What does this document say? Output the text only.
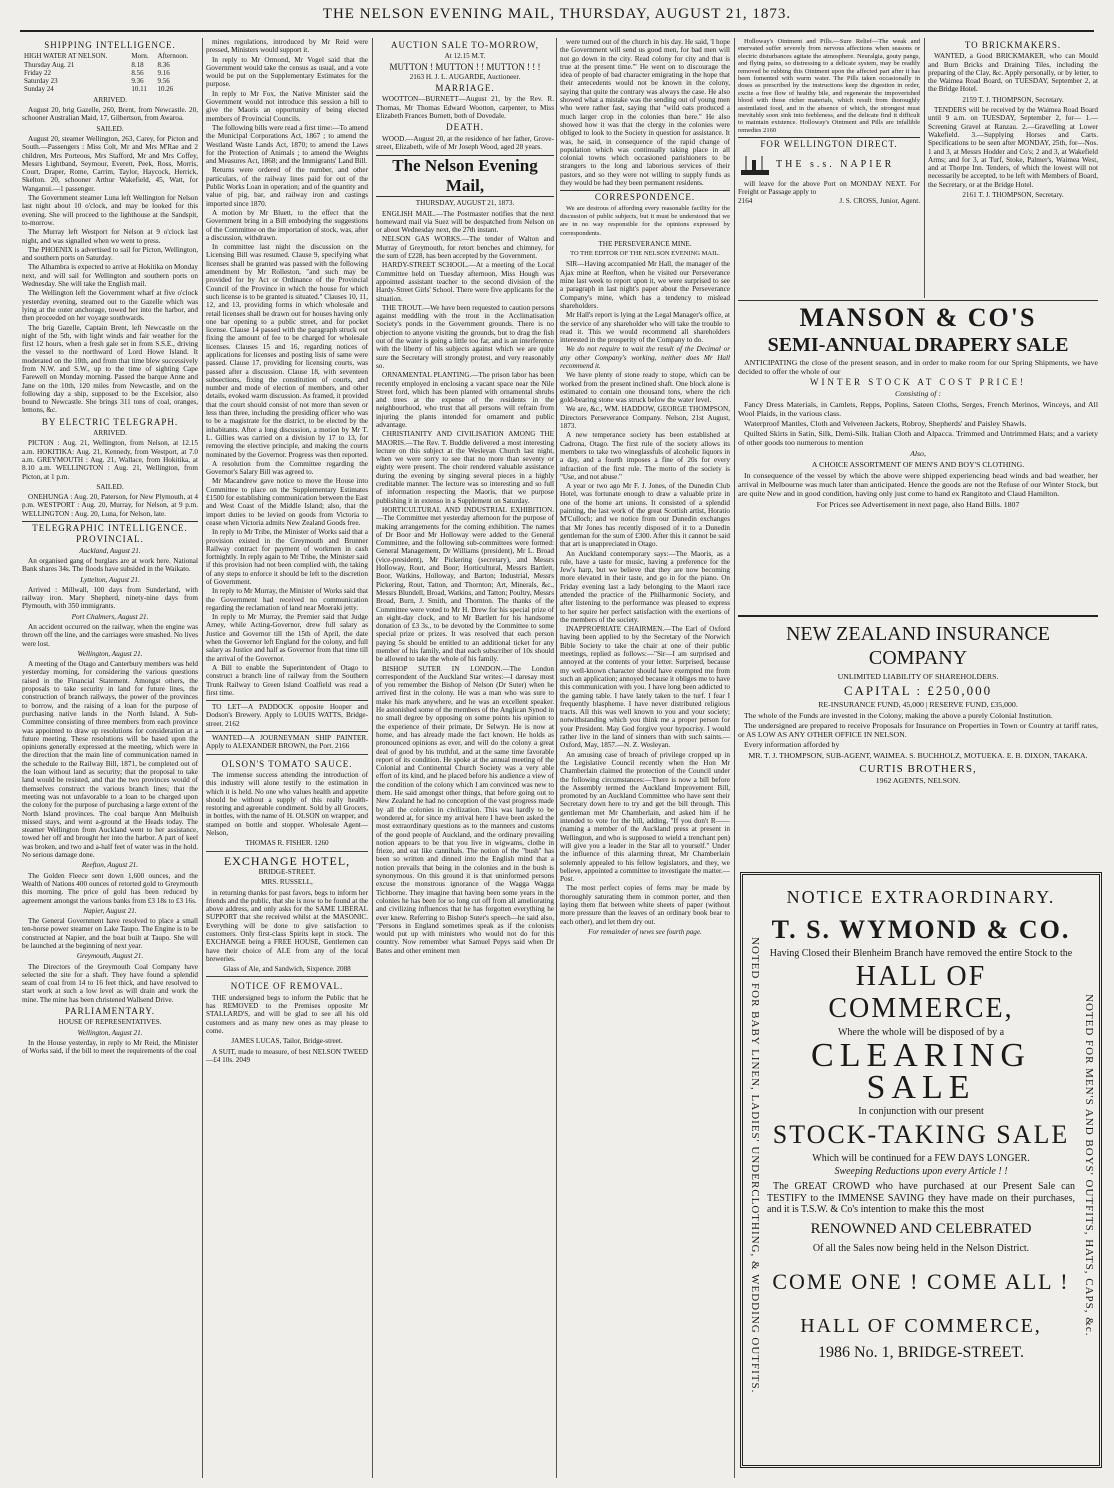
THE NELSON EVENING MAIL, THURSDAY, AUGUST 21, 1873.
SHIPPING INTELLIGENCE.
HIGH WATER AT NELSON.	Morn.	Afternoon.
Thursday Aug. 21	8.18	8.36
Friday 22	8.56	9.16
Saturday 23	9.36	9.56
Sunday 24	10.11	10.26
ARRIVED.

August 20, brig Gazelle, 260, Brent, from Newcastle. 20, schooner Australian Maid, 17, Gilbertson, from Awaroa.

SAILED.

August 20, steamer Wellington, 263, Carey, for Picton and South.—Passengers : Miss Colt, Mr and Mrs M'Rae and 2 children, Mrs Porteous, Mrs Stafford, Mr and Mrs Coffey, Messrs Lightband, Seymour, Everett, Peek, Ross, Morris, Court, Draper, Rome, Carrim, Taylor, Haycock, Herrick, Skelton. 20, schooner Arthur Wakefield, 45, Watt, for Wanganui.—1 passenger.

The Government steamer Luna left Wellington for Nelson last night about 10 o'clock, and may be looked for this evening. She will proceed to the lighthouse at the Sandspit, to-morrow.

The Murray left Westport for Nelson at 9 o'clock last night, and was signalled when we went to press.

The PHOENIX is advertised to sail for Picton, Wellington, and southern ports on Saturday.

The Alhambra is expected to arrive at Hokitika on Monday next, and will sail for Wellington and southern ports on Wednesday. She will take the English mail.

The Wellington left the Government wharf at five o'clock yesterday evening, steamed out to the Gazelle which was lying at the outer anchorage, towed her into the harbor, and then proceeded on her voyage southwards.

The brig Gazelle, Captain Brent, left Newcastle on the night of the 5th, with light winds and fair weather for the first 12 hours, when a fresh gale set in from S.S.E., driving the vessel to the northward of Lord Howe Island. It moderated on the 10th, and from that time blew successively from N.W. and S.W., up to the time of sighting Cape Farewell on Monday morning. Passed the barque Anne and Jane on the 10th, 120 miles from Newcastle, and on the following day a ship, supposed to be the Excelsior, also bound to Newcastle. She brings 311 tons of coal, oranges, lemons, &c.

BY ELECTRIC TELEGRAPH.
ARRIVED.

PICTON : Aug. 21, Wellington, from Nelson, at 12.15 a.m. HOKITIKA: Aug. 21, Kennedy, from Westport, at 7.0 a.m. GREYMOUTH : Aug. 21, Wallace, from Hokitika, at 8.10 a.m. WELLINGTON : Aug. 21, Wellington, from Picton, at 1 p.m.

SAILED.

ONEHUNGA : Aug. 20, Paterson, for New Plymouth, at 4 p.m. WESTPORT : Aug. 20, Murray, for Nelson, at 9 p.m. WELLINGTON : Aug. 20, Luna, for Nelson, late.

TELEGRAPHIC INTELLIGENCE.
PROVINCIAL.
Auckland, August 21.

An organised gang of burglars are at work here. National Bank shares 34s. The floods have subsided in the Waikato.

Lyttelton, August 21.

Arrived : Millwall, 100 days from Sunderland, with railway iron. Mary Shepherd, ninety-nine days from Plymouth, with 350 immigrants.

Port Chalmers, August 21.

An accident occurred on the railway, when the engine was thrown off the line, and the carriages were smashed. No lives were lost.

Wellington, August 21.

A meeting of the Otago and Canterbury members was held yesterday morning, for considering the various questions raised in the Financial Statement. Amongst others, the proposals to take security in land for future lines, the construction of branch railways, the power of the provinces to borrow, and the raising of a loan for the purpose of purchasing native lands in the North Island. A Sub-Committee consisting of three members from each province was appointed to draw up resolutions for consideration at a future meeting. These resolutions will be based upon the opinions generally expressed at the meeting, which were in the direction that the main line of communication named in the schedule to the Railway Bill, 1871, be completed out of the loan without land as security; that the proposal to take land would be resisted, and that the two provinces would of themselves construct the various branch lines; that the meeting was not unfavorable to a loan to be charged upon the colony for the purpose of purchasing a large extent of the North Island provinces. The coal barque Ann Melhuish missed stays, and went a-ground at the Heads today. The steamer Wellington from Auckland went to her assistance, towed her off and brought her into the harbor. A part of keel was broken, and two and a-half feet of water was in the hold. No serious damage done.

Reefton, August 21.

The Golden Fleece sent down 1,600 ounces, and the Wealth of Nations 400 ounces of retorted gold to Greymouth this morning. The price of gold has been reduced by agreement amongst the various banks from £3 18s to £3 16s.

Napier, August 21.

The General Government have resolved to place a small ten-horse power steamer on Lake Taupo. The Engine is to be constructed at Napier, and the boat built at Taupo. She will be launched at the beginning of next year.

Greymouth, August 21.

The Directors of the Greymouth Coal Company have selected the site for a shaft. They have found a splendid seam of coal from 14 to 16 feet thick, and have resolved to start work at such a low level as will drain and work the mine. The mine has been christened Wallsend Drive.

PARLIAMENTARY.
HOUSE OF REPRESENTATIVES.
Wellington, August 21.

In the House yesterday, in reply to Mr Reid, the Minister of Works said, if the bill to meet the requirements of the coal

mines regulations, introduced by Mr Reid were pressed, Ministers would support it.

In reply to Mr Ormond, Mr Vogel said that the Government would take the census as usual, and a vote would be put on the Supplementary Estimates for the purpose.

In reply to Mr Fox, the Native Minister said the Government would not introduce this session a bill to give the Maoris an opportunity of being elected members of Provincial Councils.

The following bills were read a first time:—To amend the Municipal Corporations Act, 1867 ; to amend the Westland Waste Lands Act, 1870; to amend the Laws for the Protection of Animals ; to amend the Weights and Measures Act, 1868; and the Immigrants' Land Bill.

Returns were ordered of the number, and other particulars, of the railway lines paid for out of the Public Works Loan in operation; and of the quantity and value of pig, bar, and railway iron and castings imported since 1870.

A motion by Mr Bluett, to the effect that the Government bring in a Bill embodying the suggestions of the Committee on the importation of stock, was, after a discussion, withdrawn.

In committee last night the discussion on the Licensing Bill was resumed. Clause 9, specifying what licenses shall be granted was passed with the following amendment by Mr Rolleston, "and such may be provided for by Act or Ordinance of the Provincial Council of the Province in which the house for which such license is to be granted is situated." Clauses 10, 11, 12, and 13, providing forms in which wholesale and retail licenses shall be drawn out for houses having only one bar opening to a public street, and for pocket license. Clause 14 passed with the paragraph struck out fixing the amount of fee to be charged for wholesale licenses. Clauses 15 and 16, regarding notices of applications for licenses and posting lists of same were passed. Clause 17, providing for licensing courts, was passed after a discussion. Clause 18, with seventeen subsections, fixing the constitution of courts, and number and mode of election of members, and other details, evoked warm discussion. As framed, it provided that the court should consist of not more than seven or less than three, including the presiding officer who was to be a magistrate for the district, to be elected by the inhabitants. After a long discussion, a motion by Mr T. L. Gillies was carried on a division by 17 to 13, for removing the elective principle, and making the courts nominated by the Governor. Progress was then reported.

A resolution from the Committee regarding the Governor's Salary Bill was agreed to.

Mr Macandrew gave notice to move the House into Committee to place on the Supplementary Estimates £1500 for establishing communication between the East and West Coast of the Middle Island; also, that the import duties to be levied on goods from Victoria to cease when Victoria admits New Zealand Goods free.

In reply to Mr Tribe, the Minister of Works said that a provision existed in the Greymouth and Brunner Railway contract for payment of workmen in cash fortnightly. In reply again to Mr Tribe, the Minister said if this provision had not been complied with, the taking of any steps to enforce it should be left to the discretion of Government.

In reply to Mr Murray, the Minister of Works said that the Government had received no communication regarding the reclamation of land near Moeraki jetty.

In reply to Mr Murray, the Premier said that Judge Arney, while Acting-Governor, drew full salary as Justice and Governor till the 15th of April, the date when the Governor left England for the colony, and full salary as Justice and half as Governor from that time till the arrival of the Governor.

A Bill to enable the Superintendent of Otago to construct a branch line of railway from the Southern Trunk Railway to Green Island Coalfield was read a first time.

TO LET—A PADDOCK opposite Hooper and Dodson's Brewery. Apply to LOUIS WATTS, Bridge-street. 2162

WANTED—A JOURNEYMAN SHIP PAINTER. Apply to ALEXANDER BROWN, the Port. 2166

OLSON'S TOMATO SAUCE.

The immense success attending the introduction of this industry will alone testify to the estimation in which it is held. No one who values health and appetite should be without a supply of this really health-restoring and agreeable condiment. Sold by all Grocers, in bottles, with the name of H. OLSON on wrapper, and stamped on bottle and stopper. Wholesale Agent—Nelson,

THOMAS R. FISHER. 1260
EXCHANGE HOTEL,
BRIDGE-STREET.
MRS. RUSSELL,

in returning thanks for past favors, begs to inform her friends and the public, that she is now to be found at the above address, and only asks for the SAME LIBERAL SUPPORT that she received whilst at the MASONIC. Everything will be done to give satisfaction to customers. Only first-class Spirits kept in stock. The EXCHANGE being a FREE HOUSE, Gentlemen can have their choice of ALE from any of the local breweries.

Glass of Ale, and Sandwich, Sixpence. 2088
NOTICE OF REMOVAL.

THE undersigned begs to inform the Public that he has REMOVED to the Premises opposite Mr STALLARD'S, and will be glad to see all his old customers and as many new ones as may please to come.

JAMES LUCAS, Tailor, Bridge-street.

A SUIT, made to measure, of best NELSON TWEED—£4 10s. 2049

AUCTION SALE TO-MORROW,
At 12.15 M.T.
MUTTON ! MUTTON ! ! MUTTON ! ! !
2163 H. J. L. AUGARDE, Auctioneer.
MARRIAGE.

WOOTTON—BURNETT—August 21, by the Rev. R. Thomas, Mr Thomas Edward Wootton, carpenter, to Miss Elizabeth Frances Burnett, both of Dovedale.

DEATH.

WOOD.—August 20, at the residence of her father, Grove-street, Elizabeth, wife of Mr Joseph Wood, aged 28 years.

The Nelson Evening Mail,
THURSDAY, AUGUST 21, 1873.

ENGLISH MAIL.—The Postmaster notifies that the next homeward mail via Suez will be despatched from Nelson on or about Wednesday next, the 27th instant.

NELSON GAS WORKS.—The tender of Walton and Murray of Greymouth, for retort benches and chimney, for the sum of £228, has been accepted by the Government.

HARDY-STREET SCHOOL.—At a meeting of the Local Committee held on Tuesday afternoon, Miss Hough was appointed assistant teacher to the second division of the Hardy-Street Girls' School. There were five applicants for the situation.

THE TROUT.—We have been requested to caution persons against meddling with the trout in the Acclimatisation Society's ponds in the Government grounds. There is no objection to anyone visiting the grounds, but to drag the fish out of the water is going a little too far, and is an interference with the liberty of his subjects against which we are quite sure the Secretary will strongly protest, and very reasonably so.

ORNAMENTAL PLANTING.—The prison labor has been recently employed in enclosing a vacant space near the Nile Street ford, which has been planted with ornamental shrubs and trees at the expense of the residents in the neighbourhood, who trust that all persons will refrain from injuring the plants intended for ornament and public advantage.

CHRISTIANITY AND CIVILISATION AMONG THE MAORIS.—The Rev. T. Buddle delivered a most interesting lecture on this subject at the Wesleyan Church last night, when we were sorry to see that no more than seventy or eighty were present. The choir rendered valuable assistance during the evening by singing several pieces in a highly creditable manner. The lecture was so interesting and so full of information respecting the Maoris, that we purpose publishing it in extenso in a Supplement on Saturday.

HORTICULTURAL AND INDUSTRIAL EXHIBITION.—The Committee met yesterday afternoon for the purpose of making arrangements for the coming exhibition. The names of Dr Boor and Mr Holloway were added to the General Committee, and the following sub-committees were formed: General Management, Dr Williams (president), Mr L. Broad (vice-president), Mr Pickering (secretary), and Messrs Holloway, Rout, and Boor; Horticultural, Messrs Bartlett, Boor, Watkins, Holloway, and Barton; Industrial, Messrs Pickering, Rout, Tatton, and Thornton; Art, Minerals, &c., Messrs Blundell, Broad, Watkins, and Tatton; Poultry, Messrs Broad, Burn, J. Smith, and Thornton. The thanks of the Committee were voted to Mr H. Drew for his special prize of an eight-day clock, and to Mr Bartlett for his handsome donation of £3 3s., to be devoted by the Committee to some special prize or prizes. It was resolved that each person paying 5s should be entitled to an additional ticket for any member of his family, and that each subscriber of 10s should be allowed to take the whole of his family.

BISHOP SUTER IN LONDON.—The London correspondent of the Auckland Star writes:—I daresay most of you remember the Bishop of Nelson (Dr Suter) when he arrived first in the colony. He was a man who was sure to make his mark anywhere, and he was an excellent speaker. He astonished some of the members of the Anglican Synod in no small degree by opposing on some points his opinion to the experience of their primate, Dr Selwyn. He is now at home, and has already made the fact known. He holds as pronounced opinions as ever, and will do the colony a great deal of good by his truthful, and at the same time favorable report of its condition. He spoke at the annual meeting of the Colonial and Continental Church Society was a very able effort of its kind, and he placed before his audience a view of the condition of the colony which I am convinced was new to them. He said amongst other things, that before going out to New Zealand he had no conception of the vast progress made by all the colonies in civilization. This was hardly to be wondered at, for since my arrival here I have been asked the most extraordinary questions as to the manners and customs of the good people of Auckland, and the ordinary prevailing notion appears to be that you live in wigwams, clothe in frieze, and eat like cannibals. The notion of the "bush" has been so written and dinned into the English mind that a notion prevails that being in the colonies and in the bush is synonymous. On this ground it is that uninformed persons excuse the monstrous ignorance of the Wagga Wagga Tichborne. They imagine that having been some years in the colonies he has been for so long cut off from all ameliorating and civilizing influences that he has forgotten everything he ever knew. Referring to Bishop Suter's speech—he said also, "Persons in England sometimes speak as if the colonists would put up with ministers who would not do for this country. Now remember what Samuel Pepys said when Dr Bates and other eminent men

were turned out of the church in his day. He said, 'I hope the Government will send us good men, for bad men will not go down in the city. Read colony for city and that is true at the present time.'" He went on to discourage the idea of people of bad character emigrating in the hope that their antecedents would not be known in the colony, saying that quite the contrary was always the case. He also showed what a mistake was the sending out of young men who were rather fast, saying that "wild oats produced a much larger crop in the colonies than here." He also showed how it was that the clergy in the colonies were obliged to look to the Society in question for assistance. It was, he said, in consequence of the rapid change of population which was continually taking place in all colonial towns which occasioned parishioners to be strangers to the long and laborious services of their pastors, and so they were not willing to supply funds as they would be had they been permanent residents.

CORRESPONDENCE.

We are desirous of affording every reasonable facility for the discussion of public subjects, but it must be understood that we are in no way responsible for the opinions expressed by correspondents.

THE PERSEVERANCE MINE.
TO THE EDITOR OF THE NELSON EVENING MAIL.

SIR—Having accompanied Mr Hall, the manager of the Ajax mine at Reefton, when he visited our Perseverance mine last week to report upon it, we were surprised to see a paragraph in last night's paper about the Perseverance Company's mine, which has a tendency to mislead shareholders.

Mr Hall's report is lying at the Legal Manager's office, at the service of any shareholder who will take the trouble to read it. This we would recommend all shareholders interested in the prosperity of the Company to do.

We do not require to wait the result of the Decimal or any other Company's working, neither does Mr Hall recommend it.

We have plenty of stone ready to stope, which can be worked from the present inclined shaft. One block alone is estimated to contain one thousand tons, where the rich gold-bearing stone was struck below the water level.

We are, &c., WM. HADDOW, GEORGE THOMPSON, Directors Perseverance Company. Nelson, 21st August, 1873.

A new temperance society has been established at Cadrona, Otago. The first rule of the society allows its members to take two wineglassfuls of alcoholic liquors in a day, and a fourth imposes a fine of 20s for every infraction of the first rule. The motto of the society is "Use, and not abuse."

A year or two ago Mr F. J. Jones, of the Dunedin Club Hotel, was fortunate enough to draw a valuable prize in one of the home art unions. It consisted of a splendid painting, the last work of the great Scottish artist, Horatio M'Culloch; and we notice from our Dunedin exchanges that Mr Jones has recently disposed of it to a Dunedin gentleman for the sum of £300. After this it cannot be said that art is unappreciated in Otago.

An Auckland contemporary says:—The Maoris, as a rule, have a taste for music, having a preference for the Jew's harp, but we believe that they are now becoming more elevated in their taste, and go in for the piano. On Friday evening last a lady belonging to the Maori race attended the practice of the Philharmonic Society, and after listening to the performance was pleased to express to her squire her perfect satisfaction with the exertions of the members of the society.

INAPPROPRIATE CHAIRMEN.—The Earl of Oxford having been applied to by the Secretary of the Norwich Bible Society to take the chair at one of their public meetings, replied as follows:—"Sir—I am surprised and annoyed at the contents of your letter. Surprised, because my well-known character should have exempted me from such an application; annoyed because it obliges me to have this communication with you. I have long been addicted to the gaming table. I have lately taken to the turf. I fear I frequently blaspheme. I have never distributed religious tracts. All this was well known to you and your society; notwithstanding which you think me a proper person for your President. May God forgive your hypocrisy. I would rather live in the land of sinners than with such saints.—Oxford, May, 1857.—N. Z. Wesleyan.

An amusing case of breach of privilege cropped up in the Legislative Council recently when the Hon Mr Chamberlain claimed the protection of the Council under the following circumstances:—There is now a bill before the Assembly termed the Auckland Improvement Bill, promoted by an Auckland Committee who have sent their Secretary down here to try and get the bill through. This gentleman met Mr Chamberlain, and asked him if he intended to vote for the bill, adding, "If you don't R—— (naming a member of the Auckland press at present in Wellington, and who is supposed to wield a trenchant pen) will give you a leader in the Star all to yourself." Under the influence of this alarming threat, Mr Chamberlain solemnly appealed to his fellow legislators, and they, we believe, appointed a committee to investigate the matter.—Post.

The most perfect copies of ferns may be made by thoroughly saturating them in common porter, and then laying them flat between white sheets of paper (without more pressure than the leaves of an ordinary book bear to each other), and let them dry out.

For remainder of news see fourth page.

Holloway's Ointment and Pills.—Sure Relief—The weak and enervated suffer severely from nervous affections when seasons or electric disturbances agitate the atmosphere. Neuralgia, gouty pangs, and flying pains, so distressing to a delicate system, may be readily removed be rubbing this Ointment upon the affected part after it has been fomented with warm water. The Pills taken occasionally in doses as prescribed by the instructions keep the digestion in order, excite a free flow of healthy bile, and regenerate the impoverished blood with those richer materials, which result from thoroughly assimilated food, and in the absence of which, the strongest must inevitably soon sink into feebleness, and the delicate find it difficult to maintain existence. Holloway's Ointment and Pills are infallible remedies 2160

FOR WELLINGTON DIRECT.
THE s.s. NAPIER

will leave for the above Port on MONDAY NEXT. For Freight or Passage apply to

2164	J. S. CROSS, Junior, Agent.
TO BRICKMAKERS.

WANTED, a Good BRICKMAKER, who can Mould and Burn Bricks and Draining Tiles, including the preparing of the Clay, &c. Apply personally, or by letter, to the Waimea Road Board, on TUESDAY, September 2, at the Bridge Hotel.

2159 T. J. THOMPSON, Secretary.

TENDERS will be received by the Waimea Road Board until 9 a.m. on TUESDAY, September 2, for— 1.—Screening Gravel at Ranzau. 2.—Gravelling at Lower Wakefield. 3.—Supplying Horses and Carts. Specifications to be seen after MONDAY, 25th, for—Nos. 1 and 3, at Messrs Hodder and Co's; 2 and 3, at Wakefield Arms; and for 3, at Turf, Stoke, Palmer's, Waimea West, and at Thorpe Inn. Tenders, of which the lowest will not necessarily be accepted, to be left with Members of Board, the Secretary, or at the Bridge Hotel.

2161 T. J. THOMPSON, Secretary.
MANSON & CO'S
SEMI-ANNUAL DRAPERY SALE

ANTICIPATING the close of the present season, and in order to make room for our Spring Shipments, we have decided to offer the whole of our

WINTER STOCK AT COST PRICE!
Consisting of :

Fancy Dress Materials, in Camlets, Repps, Poplins, Sateen Cloths, Serges, French Merinos, Winceys, and All Wool Plaids, in the various class.

Waterproof Mantles, Cloth and Velveteen Jackets, Robroy, Shepherds' and Paisley Shawls.

Quilted Skirts in Satin, Silk, Demi-Silk. Italian Cloth and Alpacca. Trimmed and Untrimmed Hats; and a variety of other goods too numerous to mention

Also,
A CHOICE ASSORTMENT OF MEN'S AND BOY'S CLOTHING.

In consequence of the vessel by which the above were shipped experiencing head winds and bad weather, her arrival in Melbourne was much later than anticipated. Hence the goods are not the Refuse of our Winter Stock, but are quite New and in good condition, having only just come to hand ex Rangitoto and Claud Hamilton.

For Prices see Advertisement in next page, also Hand Bills. 1807
NEW ZEALAND INSURANCE COMPANY
UNLIMITED LIABILITY OF SHAREHOLDERS.
CAPITAL : £250,000
RE-INSURANCE FUND, 45,000 | RESERVE FUND, £35,000.

The whole of the Funds are invested in the Colony, making the above a purely Colonial Institution.

The undersigned are prepared to receive Proposals for Insurance on Properties in Town or Country at tariff rates, or AS LOW AS ANY OTHER OFFICE IN NELSON.

Every information afforded by

MR. T. J. THOMPSON, SUB-AGENT, WAIMEA. S. BUCHHOLZ, MOTUEKA. E. B. DIXON, TAKAKA.
CURTIS BROTHERS,
1962 AGENTS, NELSON.
NOTED FOR BABY LINEN, LADIES' UNDERCLOTHING, & WEDDING OUTFITS.	NOTED FOR MEN'S AND BOYS' OUTFITS, HATS, CAPS, &c.
NOTICE EXTRAORDINARY.
T. S. WYMOND & CO.
Having Closed their Blenheim Branch have removed the entire Stock to the
HALL OF COMMERCE,
Where the whole will be disposed of by a
CLEARING SALE
In conjunction with our present
STOCK-TAKING SALE
Which will be continued for a FEW DAYS LONGER.
Sweeping Reductions upon every Article ! !

The GREAT CROWD who have purchased at our Present Sale can TESTIFY to the IMMENSE SAVING they have made on their purchases, and it is T.S.W. & Co's intention to make this the most

RENOWNED AND CELEBRATED
Of all the Sales now being held in the Nelson District.
COME ONE ! COME ALL !
HALL OF COMMERCE,
1986 No. 1, BRIDGE-STREET.
